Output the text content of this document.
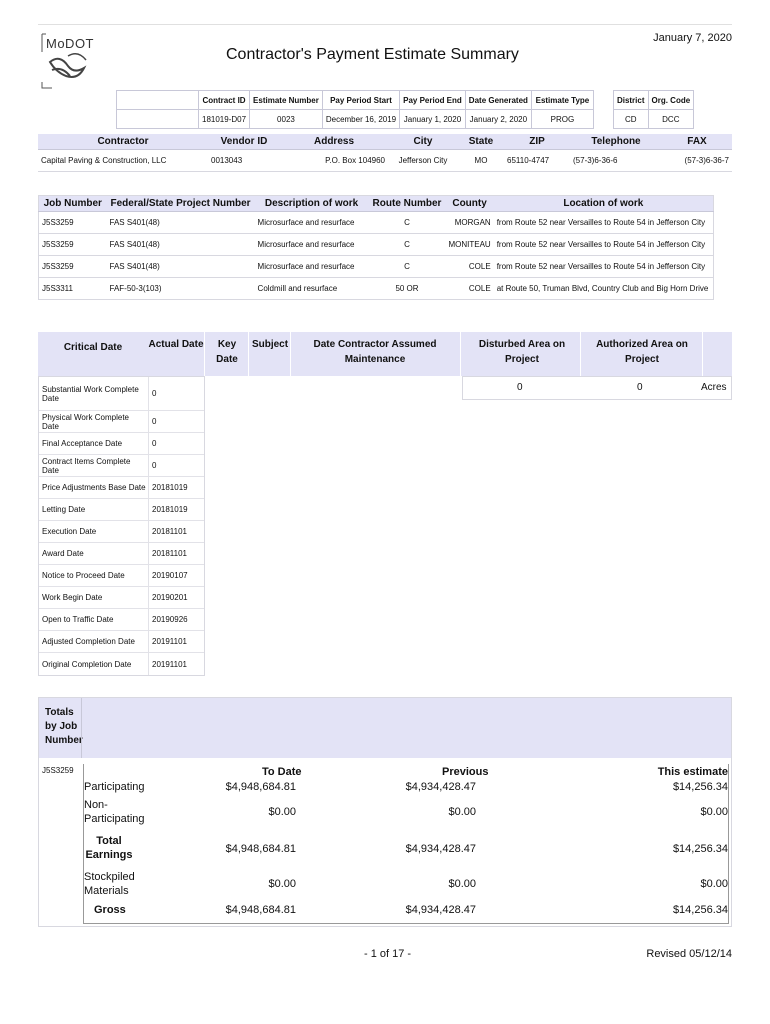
MoDOT
Contractor's Payment Estimate Summary
January 7, 2020
	Contract ID	Estimate Number	Pay Period Start	Pay Period End	Date Generated	Estimate Type		District	Org. Code
	181019-D07	0023	December 16, 2019	January 1, 2020	January 2, 2020	PROG		CD	DCC
Contractor	Vendor ID	Address	City	State	ZIP	Telephone	FAX
Capital Paving & Construction, LLC	0013043	P.O. Box 104960	Jefferson City	MO	65110-4747	(57-3)6-36-6	(57-3)6-36-7
Job Number	Federal/State Project Number	Description of work	Route Number	County	Location of work
J5S3259	FAS S401(48)	Microsurface and resurface	C	MORGAN	from Route 52 near Versailles to Route 54 in Jefferson City
J5S3259	FAS S401(48)	Microsurface and resurface	C	MONITEAU	from Route 52 near Versailles to Route 54 in Jefferson City
J5S3259	FAS S401(48)	Microsurface and resurface	C	COLE	from Route 52 near Versailles to Route 54 in Jefferson City
J5S3311	FAF-50-3(103)	Coldmill and resurface	50 OR	COLE	at Route 50, Truman Blvd, Country Club and Big Horn Drive
Critical Date	Actual Date	Key Date
Subject	Date Contractor Assumed Maintenance
Disturbed Area on Project
Authorized Area on Project
0	0	Acres
Substantial Work Complete Date	0
Physical Work Complete Date	0
Final Acceptance Date	0
Contract Items Complete Date	0
Price Adjustments Base Date 20181019
Letting Date	20181019
Execution Date	20181101
Award Date	20181101
Notice to Proceed Date	20190107
Work Begin Date	20190201
Open to Traffic Date	20190926
Adjusted Completion Date	20191101
Original Completion Date	20191101
Totals by Job Number
J5S3259	To Date	Previous	This estimate
Participating	$4,948,684.81	$4,934,428.47	$14,256.34
Non-Participating
$0.00	$0.00	$0.00
Total Earnings	$4,948,684.81	$4,934,428.47	$14,256.34
Stockpiled Materials
$0.00	$0.00	$0.00
Gross	$4,948,684.81	$4,934,428.47	$14,256.34
- 1 of 17 -	Revised 05/12/14
